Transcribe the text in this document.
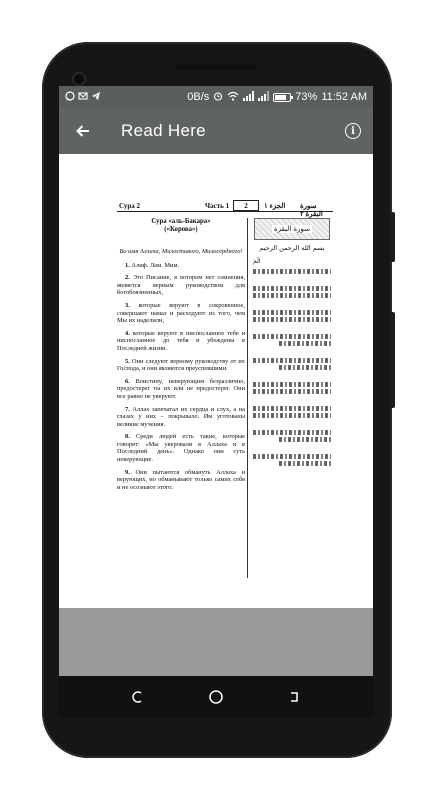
0B/s	73% 11:52 AM
Read Here	i
Сура 2	Часть 1	2	الجزء ١ سورة البقرة ٢
Сура «аль-Бакара»
(«Корова»)
Во имя Аллаха, Милостивого, Милосердного!
1. Алиф. Лам. Мим.
2. Это Писание, в котором нет сомнения, является верным руководством для богобоязненных,
3. которые веруют в сокровенное, совершают намаз и расходуют из того, чем Мы их наделили,
4. которые веруют в ниспосланное тебе и ниспосланное до тебя и убеждены в Последней жизни.
5. Они следуют верному руководству от их Господа, и они являются преуспевшими.
6. Воистину, неверующим безразлично, предостерег ты их или не предостерег. Они все равно не уверуют.
7. Аллах запечатал их сердца и слух, а на глазах у них – покрывало. Им уготованы великие мучения.
8. Среди людей есть такие, которые говорят: «Мы уверовали в Аллаха и в Последний день». Однако они суть неверующие.
9. Они пытаются обмануть Аллаха и верующих, но обманывают только самих себя и не осознают этого.
سورة البقرة
بسم الله الرحمن الرحيم
الٓمٓ
